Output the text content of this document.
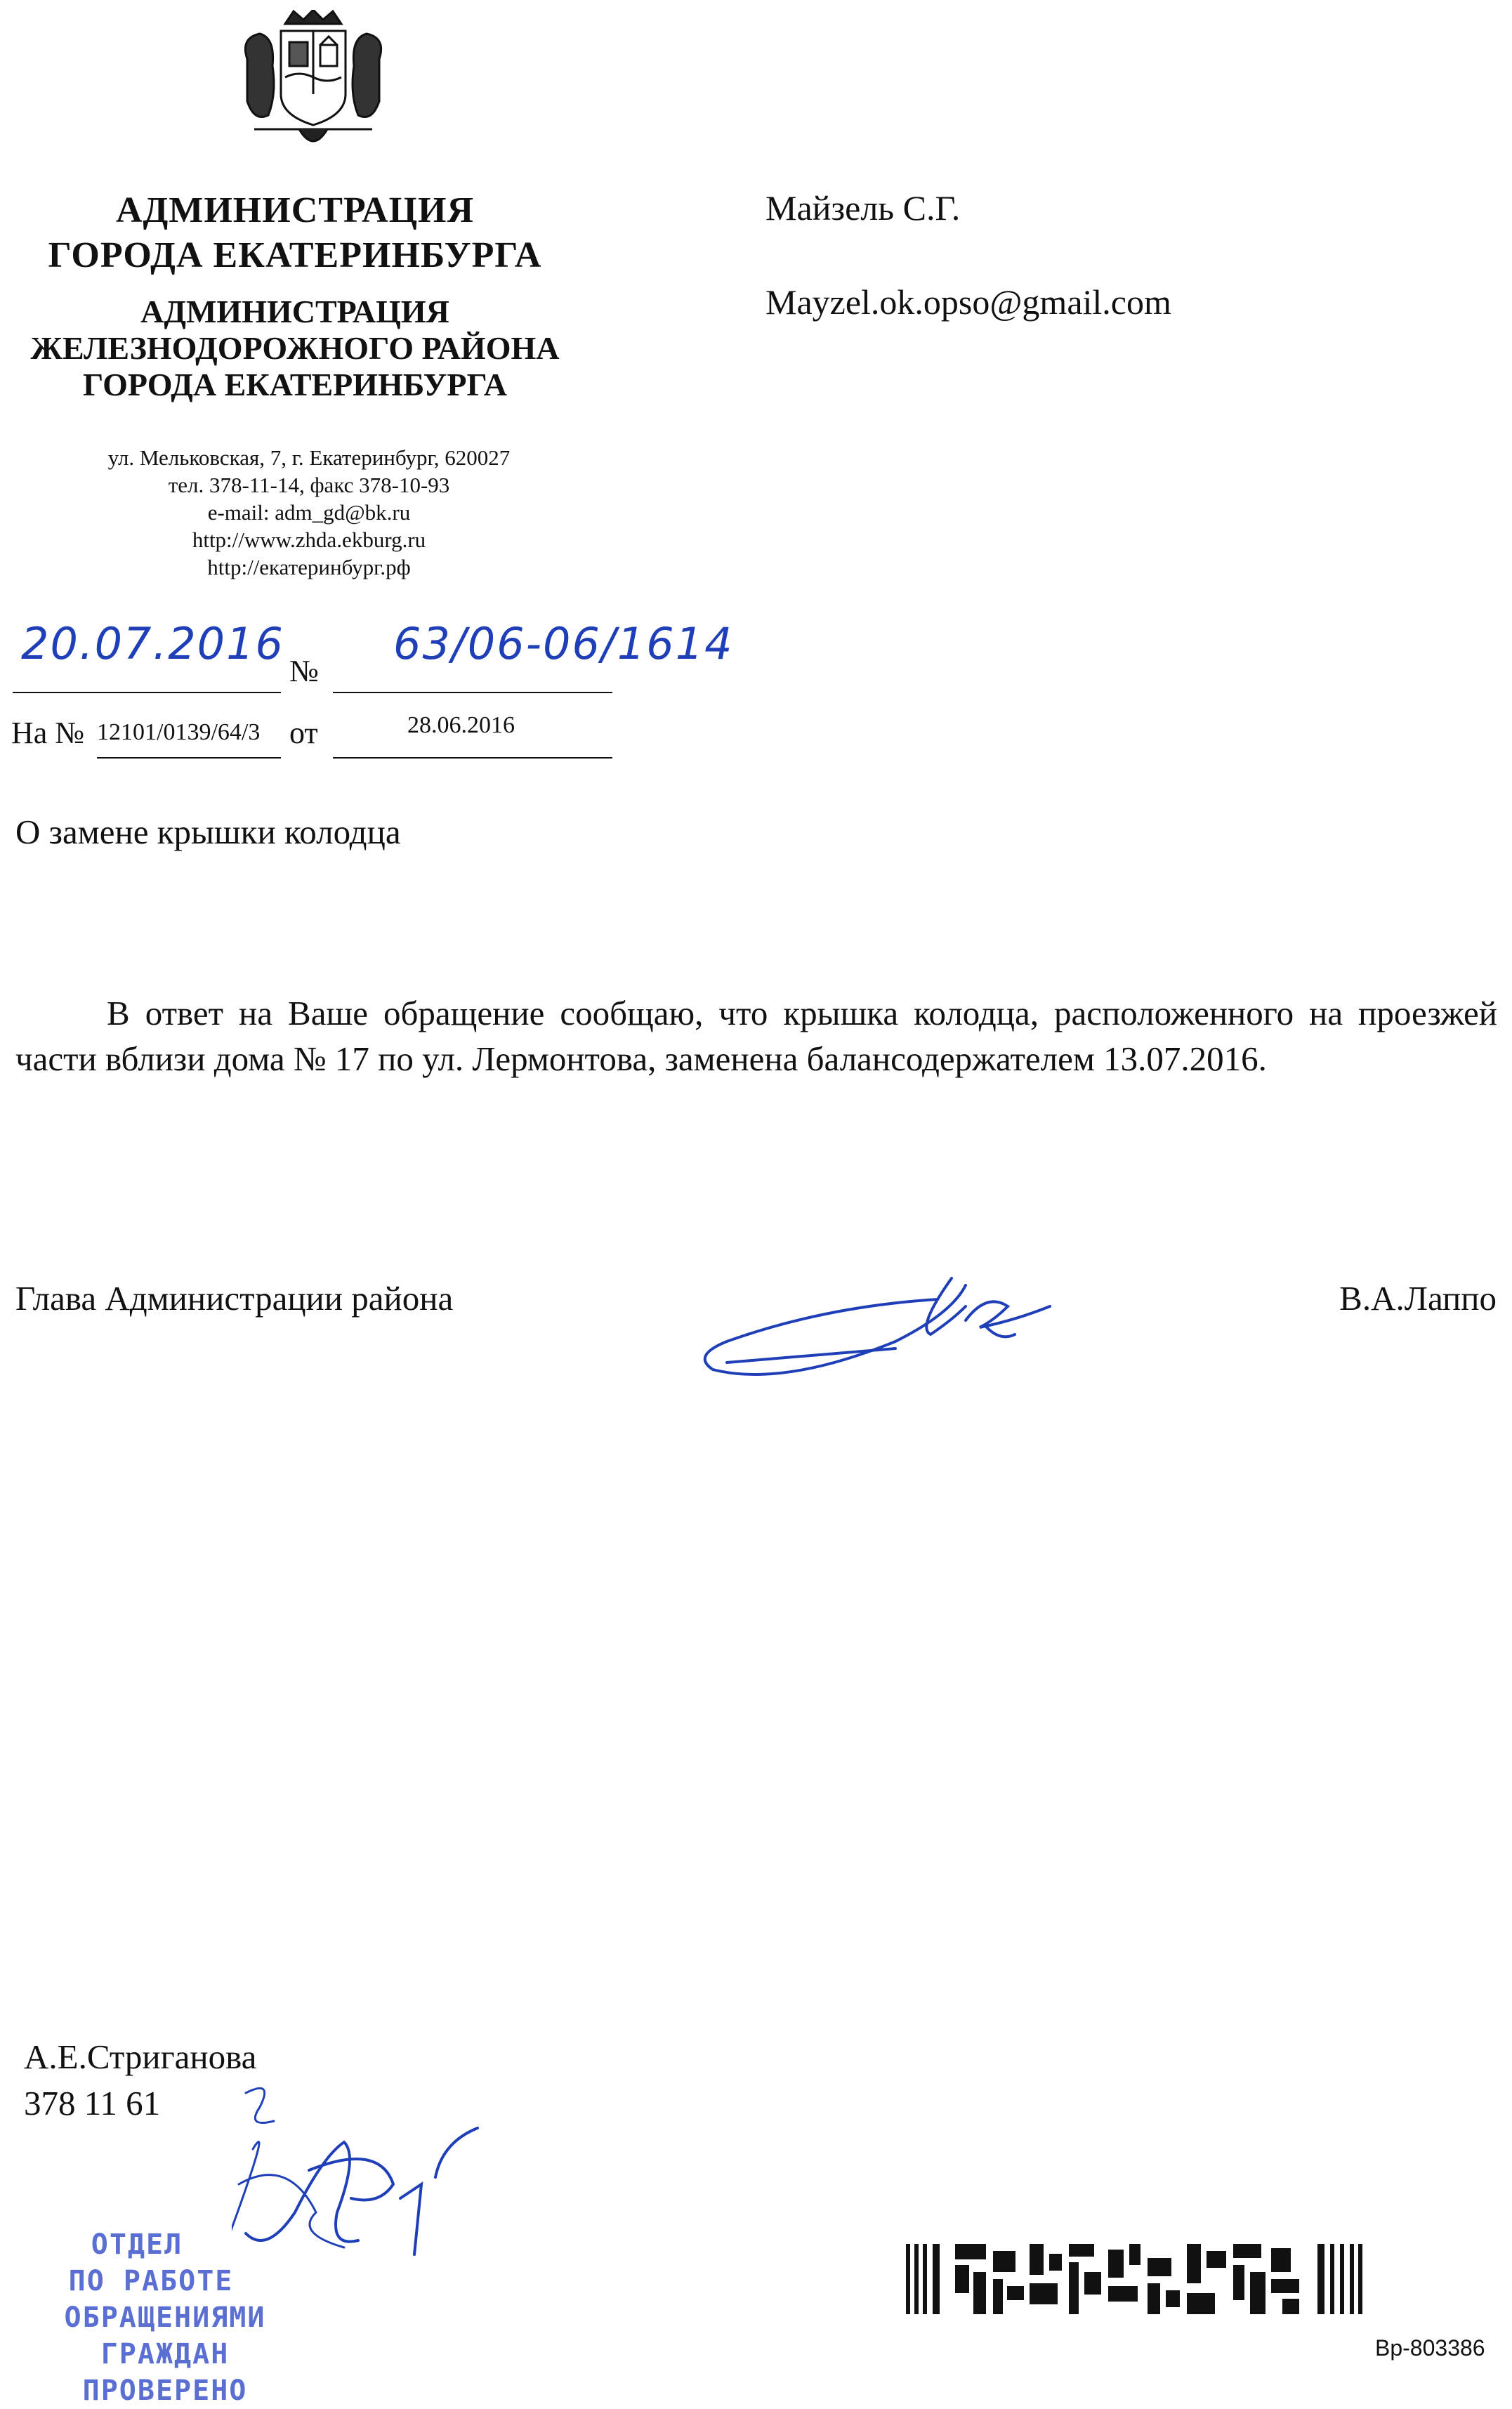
АДМИНИСТРАЦИЯ
ГОРОДА ЕКАТЕРИНБУРГА
АДМИНИСТРАЦИЯ
ЖЕЛЕЗНОДОРОЖНОГО РАЙОНА
ГОРОДА ЕКАТЕРИНБУРГА
ул. Мельковская, 7, г. Екатеринбург, 620027
тел. 378-11-14, факс 378-10-93
e-mail: adm_gd@bk.ru
http://www.zhda.ekburg.ru
http://екатеринбург.рф
Майзель С.Г.
Mayzel.ok.opso@gmail.com
20.07.2016
№
63/06-06/1614
На № 12101/0139/64/3 от	28.06.2016
О замене крышки колодца

В ответ на Ваше обращение сообщаю, что крышка колодца, расположенного на проезжей части вблизи дома № 17 по ул. Лермонтова, заменена балансодержателем 13.07.2016.

Глава Администрации района	В.А.Лаппо
А.Е.Стриганова
378 11 61
ОТДЕЛ
ПО РАБОТЕ
ОБРАЩЕНИЯМИ ГРАЖДАН
ПРОВЕРЕНО
Вр-803386
